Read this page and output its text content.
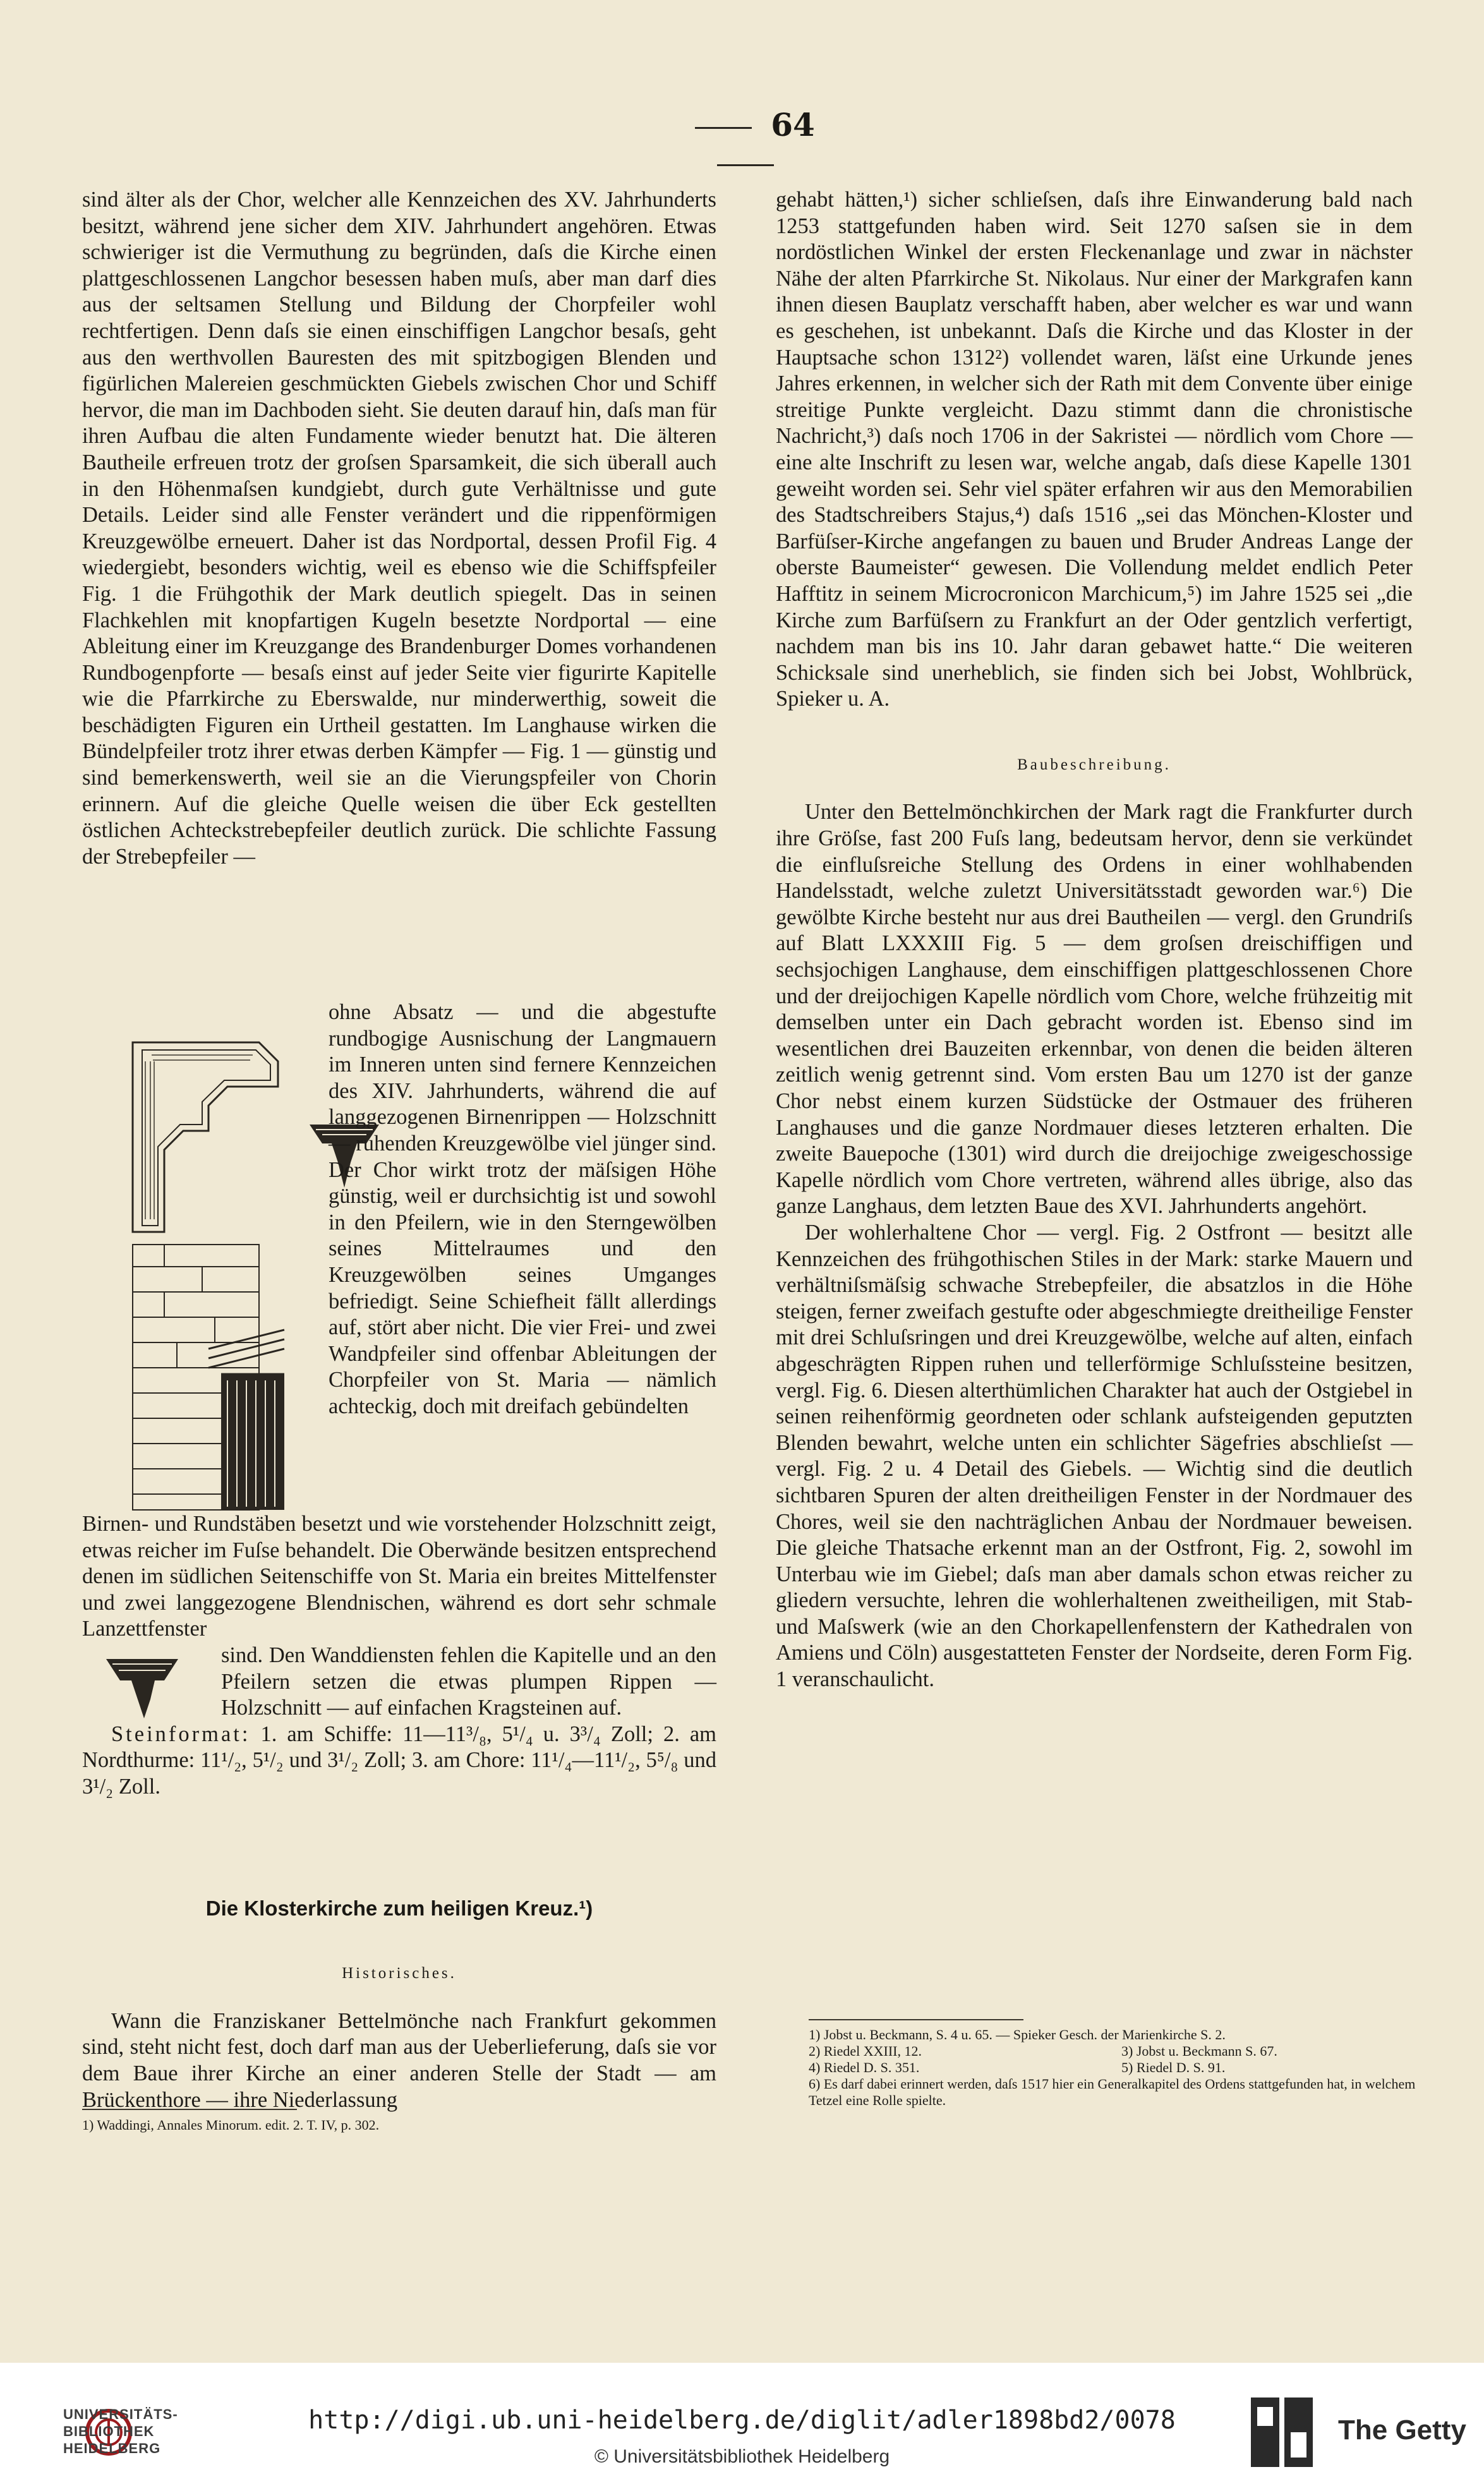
64

sind älter als der Chor, welcher alle Kennzeichen des XV. Jahrhunderts besitzt, während jene sicher dem XIV. Jahrhundert angehören. Etwas schwieriger ist die Vermuthung zu begründen, daſs die Kirche einen plattgeschlossenen Langchor besessen haben muſs, aber man darf dies aus der seltsamen Stellung und Bildung der Chorpfeiler wohl rechtfertigen. Denn daſs sie einen einschiffigen Langchor besaſs, geht aus den werthvollen Bauresten des mit spitzbogigen Blenden und figürlichen Malereien geschmückten Giebels zwischen Chor und Schiff hervor, die man im Dachboden sieht. Sie deuten darauf hin, daſs man für ihren Aufbau die alten Fundamente wieder benutzt hat. Die älteren Bautheile erfreuen trotz der groſsen Sparsamkeit, die sich überall auch in den Höhenmaſsen kundgiebt, durch gute Verhältnisse und gute Details. Leider sind alle Fenster verändert und die rippenförmigen Kreuzgewölbe erneuert. Daher ist das Nordportal, dessen Profil Fig. 4 wiedergiebt, besonders wichtig, weil es ebenso wie die Schiffspfeiler Fig. 1 die Frühgothik der Mark deutlich spiegelt. Das in seinen Flachkehlen mit knopfartigen Kugeln besetzte Nordportal — eine Ableitung einer im Kreuzgange des Brandenburger Domes vorhandenen Rundbogenpforte — besaſs einst auf jeder Seite vier figurirte Kapitelle wie die Pfarrkirche zu Eberswalde, nur minderwerthig, soweit die beschädigten Figuren ein Urtheil gestatten. Im Langhause wirken die Bündelpfeiler trotz ihrer etwas derben Kämpfer — Fig. 1 — günstig und sind bemerkenswerth, weil sie an die Vierungspfeiler von Chorin erinnern. Auf die gleiche Quelle weisen die über Eck gestellten östlichen Achteckstrebepfeiler deutlich zurück. Die schlichte Fassung der Strebepfeiler —

ohne Absatz — und die abgestufte rundbogige Ausnischung der Langmauern im Inneren unten sind fernere Kennzeichen des XIV. Jahrhunderts, während die auf langgezogenen Birnenrippen — Holzschnitt — ruhenden Kreuzgewölbe viel jünger sind. Der Chor wirkt trotz der mäſsigen Höhe günstig, weil er durchsichtig ist und sowohl in den Pfeilern, wie in den Sterngewölben seines Mittelraumes und den Kreuzgewölben seines Umganges befriedigt. Seine Schiefheit fällt allerdings auf, stört aber nicht. Die vier Frei- und zwei Wandpfeiler sind offenbar Ableitungen der Chorpfeiler von St. Maria — nämlich achteckig, doch mit dreifach gebündelten

Birnen- und Rundstäben besetzt und wie vorstehender Holzschnitt zeigt, etwas reicher im Fuſse behandelt. Die Oberwände besitzen entsprechend denen im südlichen Seitenschiffe von St. Maria ein breites Mittelfenster und zwei langgezogene Blendnischen, während es dort sehr schmale Lanzettfenster

sind. Den Wanddiensten fehlen die Kapitelle und an den Pfeilern setzen die etwas plumpen Rippen — Holzschnitt — auf einfachen Kragsteinen auf.

Steinformat: 1. am Schiffe: 11—11³/₈, 5¹/₄ u. 3³/₄ Zoll; 2. am Nordthurme: 11¹/₂, 5¹/₂ und 3¹/₂ Zoll; 3. am Chore: 11¹/₄—11¹/₂, 5⁵/₈ und 3¹/₂ Zoll.

Die Klosterkirche zum heiligen Kreuz.¹)
Historisches.

Wann die Franziskaner Bettelmönche nach Frankfurt gekommen sind, steht nicht fest, doch darf man aus der Ueberlieferung, daſs sie vor dem Baue ihrer Kirche an einer anderen Stelle der Stadt — am Brückenthore — ihre Niederlassung

1) Waddingi, Annales Minorum. edit. 2. T. IV, p. 302.

gehabt hätten,¹) sicher schlieſsen, daſs ihre Einwanderung bald nach 1253 stattgefunden haben wird. Seit 1270 saſsen sie in dem nordöstlichen Winkel der ersten Fleckenanlage und zwar in nächster Nähe der alten Pfarrkirche St. Nikolaus. Nur einer der Markgrafen kann ihnen diesen Bauplatz verschafft haben, aber welcher es war und wann es geschehen, ist unbekannt. Daſs die Kirche und das Kloster in der Hauptsache schon 1312²) vollendet waren, läſst eine Urkunde jenes Jahres erkennen, in welcher sich der Rath mit dem Convente über einige streitige Punkte vergleicht. Dazu stimmt dann die chronistische Nachricht,³) daſs noch 1706 in der Sakristei — nördlich vom Chore — eine alte Inschrift zu lesen war, welche angab, daſs diese Kapelle 1301 geweiht worden sei. Sehr viel später erfahren wir aus den Memorabilien des Stadtschreibers Stajus,⁴) daſs 1516 „sei das Mönchen-Kloster und Barfüſser-Kirche angefangen zu bauen und Bruder Andreas Lange der oberste Baumeister“ gewesen. Die Vollendung meldet endlich Peter Hafftitz in seinem Microcronicon Marchicum,⁵) im Jahre 1525 sei „die Kirche zum Barfüſsern zu Frankfurt an der Oder gentzlich verfertigt, nachdem man bis ins 10. Jahr daran gebawet hatte.“ Die weiteren Schicksale sind unerheblich, sie finden sich bei Jobst, Wohlbrück, Spieker u. A.

Baubeschreibung.

Unter den Bettelmönchkirchen der Mark ragt die Frankfurter durch ihre Gröſse, fast 200 Fuſs lang, bedeutsam hervor, denn sie verkündet die einfluſsreiche Stellung des Ordens in einer wohlhabenden Handelsstadt, welche zuletzt Universitätsstadt geworden war.⁶) Die gewölbte Kirche besteht nur aus drei Bautheilen — vergl. den Grundriſs auf Blatt LXXXIII Fig. 5 — dem groſsen dreischiffigen und sechsjochigen Langhause, dem einschiffigen plattgeschlossenen Chore und der dreijochigen Kapelle nördlich vom Chore, welche frühzeitig mit demselben unter ein Dach gebracht worden ist. Ebenso sind im wesentlichen drei Bauzeiten erkennbar, von denen die beiden älteren zeitlich wenig getrennt sind. Vom ersten Bau um 1270 ist der ganze Chor nebst einem kurzen Südstücke der Ostmauer des früheren Langhauses und die ganze Nordmauer dieses letzteren erhalten. Die zweite Bauepoche (1301) wird durch die dreijochige zweigeschossige Kapelle nördlich vom Chore vertreten, während alles übrige, also das ganze Langhaus, dem letzten Baue des XVI. Jahrhunderts angehört.

Der wohlerhaltene Chor — vergl. Fig. 2 Ostfront — besitzt alle Kennzeichen des frühgothischen Stiles in der Mark: starke Mauern und verhältniſsmäſsig schwache Strebepfeiler, die absatzlos in die Höhe steigen, ferner zweifach gestufte oder abgeschmiegte dreitheilige Fenster mit drei Schluſsringen und drei Kreuzgewölbe, welche auf alten, einfach abgeschrägten Rippen ruhen und tellerförmige Schluſssteine besitzen, vergl. Fig. 6. Diesen alterthümlichen Charakter hat auch der Ostgiebel in seinen reihenförmig geordneten oder schlank aufsteigenden geputzten Blenden bewahrt, welche unten ein schlichter Sägefries abschlieſst — vergl. Fig. 2 u. 4 Detail des Giebels. — Wichtig sind die deutlich sichtbaren Spuren der alten dreitheiligen Fenster in der Nordmauer des Chores, weil sie den nachträglichen Anbau der Nordmauer beweisen. Die gleiche Thatsache erkennt man an der Ostfront, Fig. 2, sowohl im Unterbau wie im Giebel; daſs man aber damals schon etwas reicher zu gliedern versuchte, lehren die wohlerhaltenen zweitheiligen, mit Stab- und Maſswerk (wie an den Chorkapellenfenstern der Kathedralen von Amiens und Cöln) ausgestatteten Fenster der Nordseite, deren Form Fig. 1 veranschaulicht.

1) Jobst u. Beckmann, S. 4 u. 65. — Spieker Gesch. der Marienkirche S. 2.
2) Riedel XXIII, 12.	3) Jobst u. Beckmann S. 67.
4) Riedel D. S. 351.	5) Riedel D. S. 91.
6) Es darf dabei erinnert werden, daſs 1517 hier ein Generalkapitel des Ordens stattgefunden hat, in welchem Tetzel eine Rolle spielte.
UNIVERSITÄTS-
BIBLIOTHEK
HEIDELBERG
http://digi.ub.uni-heidelberg.de/diglit/adler1898bd2/0078
© Universitätsbibliothek Heidelberg
The Getty
